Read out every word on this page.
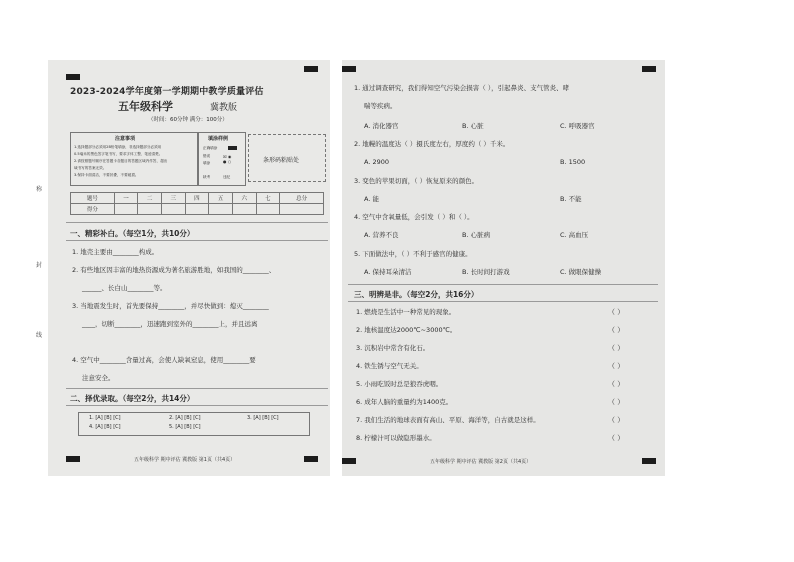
2023-2024学年度第一学期期中教学质量评估
五年级科学	冀教版
（时间：60分钟 满分：100分）
注意事项
1.选择题部分必须用2B铅笔填涂，非选择题部分必须用
0.5毫米的黑色签字笔书写，要求字体工整、笔迹清楚。
2.请按照题号顺序在答题卡各题目的答题区域内作答，超出
域书写的答案无效。
3.保持卡面清洁，不要折叠，不要破损。
填涂样例
正确填涂
错误
填涂
☒ ◉
● ○
缺考	违纪
条形码粘贴处
题号	一	二	三	四	五	六	七	总分
得分								
一、精彩补白。（每空1分，共10分）
1. 地壳主要由________构成。
2. 有些地区因丰富的地热资源成为著名旅游胜地，如我国的________、
______、长白山________等。
3. 当地震发生时，首先要保持________，并尽快做到：熄灭________
____，切断________，迅速跑到室外的________上，并且远离
4. 空气中________含量过高，会使人缺氧窒息，使用________要
注意安全。
二、择优录取。（每空2分，共14分）
1. [A] [B] [C]	2. [A] [B] [C]	3. [A] [B] [C]
4. [A] [B] [C]	5. [A] [B] [C]
五年级科学 期中评估 冀教版 第1页（共4页）
称
封
线
1. 通过调查研究，我们得知空气污染会损害（ ），引起鼻炎、支气管炎、哮
喘等疾病。
A. 消化器官	B. 心脏	C. 呼吸器官
2. 地幔的温度达（ ）摄氏度左右，厚度约（ ）千米。
A. 2900	B. 1500
3. 变色的苹果切面，（ ）恢复原来的颜色。
A. 能	B. 不能
4. 空气中含氧量低，会引发（ ）和（ ）。
A. 营养不良	B. 心脏病	C. 高血压
5. 下面做法中，（ ）不利于感官的健康。
A. 保持耳朵清洁	B. 长时间打游戏	C. 做眼保健操
三、明辨是非。（每空2分，共16分）
1. 燃烧是生活中一种常见的现象。	（ ）
2. 地核温度达2000℃~3000℃。	（ ）
3. 沉积岩中常含有化石。	（ ）
4. 铁生锈与空气无关。	（ ）
5. 小雨吃饭时总是狼吞虎咽。	（ ）
6. 成年人脑的重量约为1400克。	（ ）
7. 我们生活的地球表面有高山、平原、海洋等，自古就是这样。	（ ）
8. 柠檬汁可以做隐形墨水。	（ ）
五年级科学 期中评估 冀教版 第2页（共4页）
